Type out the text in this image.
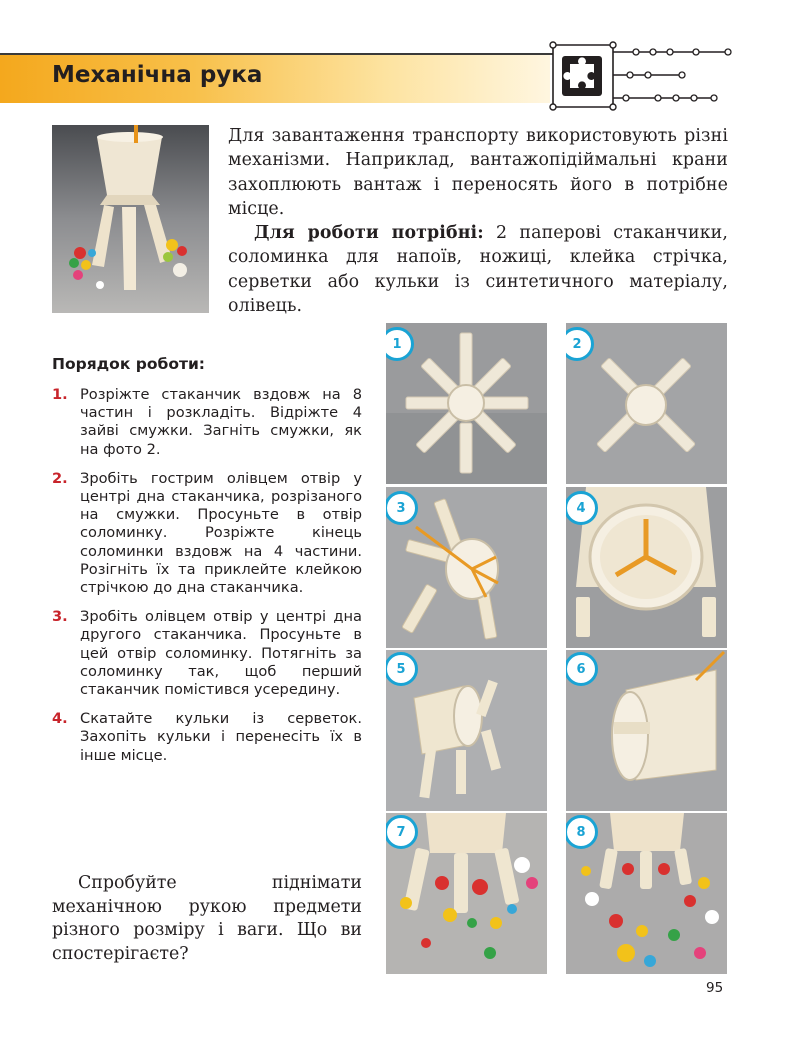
Механічна рука

Для завантаження транспорту використовують різні механізми. Наприклад, вантажопідіймальні крани захоплюють вантаж і переносять його в потрібне місце.

Для роботи потрібні: 2 паперові стаканчики, соломинка для напоїв, ножиці, клейка стрічка, серветки або кульки із синтетичного матеріалу, олівець.

Порядок роботи:
1. Розріжте стаканчик вздовж на 8 частин і розкладіть. Відріжте 4 зайві смужки. Загніть смужки, як на фото 2.
2. Зробіть гострим олівцем отвір у центрі дна стаканчика, розрізаного на смужки. Просуньте в отвір соломинку. Розріжте кінець соломинки вздовж на 4 частини. Розігніть їх та приклейте клейкою стрічкою до дна стаканчика.
3. Зробіть олівцем отвір у центрі дна другого стаканчика. Просуньте в цей отвір соломинку. Потягніть за соломинку так, щоб перший стаканчик помістився усередину.
4. Скатайте кульки із серветок. Захопіть кульки і перенесіть їх в інше місце.

Спробуйте піднімати механічною рукою предмети різного розміру і ваги. Що ви спостерігаєте?

1	2
3	4
5	6
7	8
95
